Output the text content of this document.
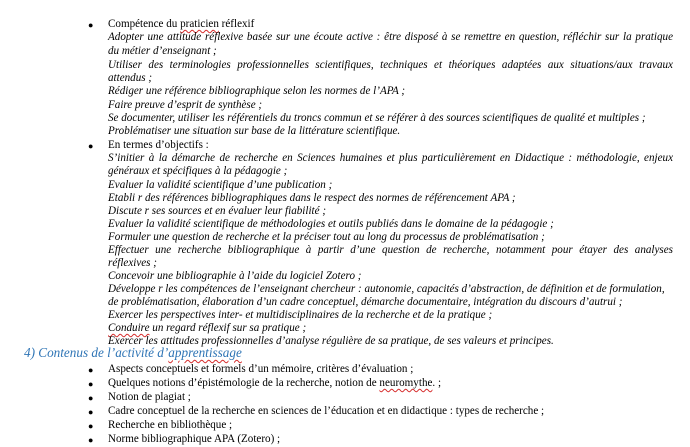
● Compétence du praticien réflexif
Adopter une attitude réflexive basée sur une écoute active : être disposé à se remettre en question, réfléchir sur la pratique
du métier d’enseignant ;
Utiliser des terminologies professionnelles scientifiques, techniques et théoriques adaptées aux situations/aux travaux
attendus ;
Rédiger une référence bibliographique selon les normes de l’APA ;
Faire preuve d’esprit de synthèse ;
Se documenter, utiliser les référentiels du troncs commun et se référer à des sources scientifiques de qualité et multiples ;
Problématiser une situation sur base de la littérature scientifique.
● En termes d’objectifs :
S’initier à la démarche de recherche en Sciences humaines et plus particulièrement en Didactique : méthodologie, enjeux
généraux et spécifiques à la pédagogie ;
Evaluer la validité scientifique d’une publication ;
Etabli r des références bibliographiques dans le respect des normes de référencement APA ;
Discute r ses sources et en évaluer leur fiabilité ;
Evaluer la validité scientifique de méthodologies et outils publiés dans le domaine de la pédagogie ;
Formuler une question de recherche et la préciser tout au long du processus de problématisation ;
Effectuer une recherche bibliographique à partir d’une question de recherche, notamment pour étayer des analyses
réflexives ;
Concevoir une bibliographie à l’aide du logiciel Zotero ;
Développe r les compétences de l’enseignant chercheur : autonomie, capacités d’abstraction, de définition et de formulation,
de problématisation, élaboration d’un cadre conceptuel, démarche documentaire, intégration du discours d’autrui ;
Exercer les perspectives inter- et multidisciplinaires de la recherche et de la pratique ;
Conduire un regard réflexif sur sa pratique ;
Exercer les attitudes professionnelles d’analyse régulière de sa pratique, de ses valeurs et principes.
4) Contenus de l’activité d’apprentissage
● Aspects conceptuels et formels d’un mémoire, critères d’évaluation ;
● Quelques notions d’épistémologie de la recherche, notion de neuromythe. ;
● Notion de plagiat ;
● Cadre conceptuel de la recherche en sciences de l’éducation et en didactique : types de recherche ;
● Recherche en bibliothèque ;
● Norme bibliographique APA (Zotero) ;
